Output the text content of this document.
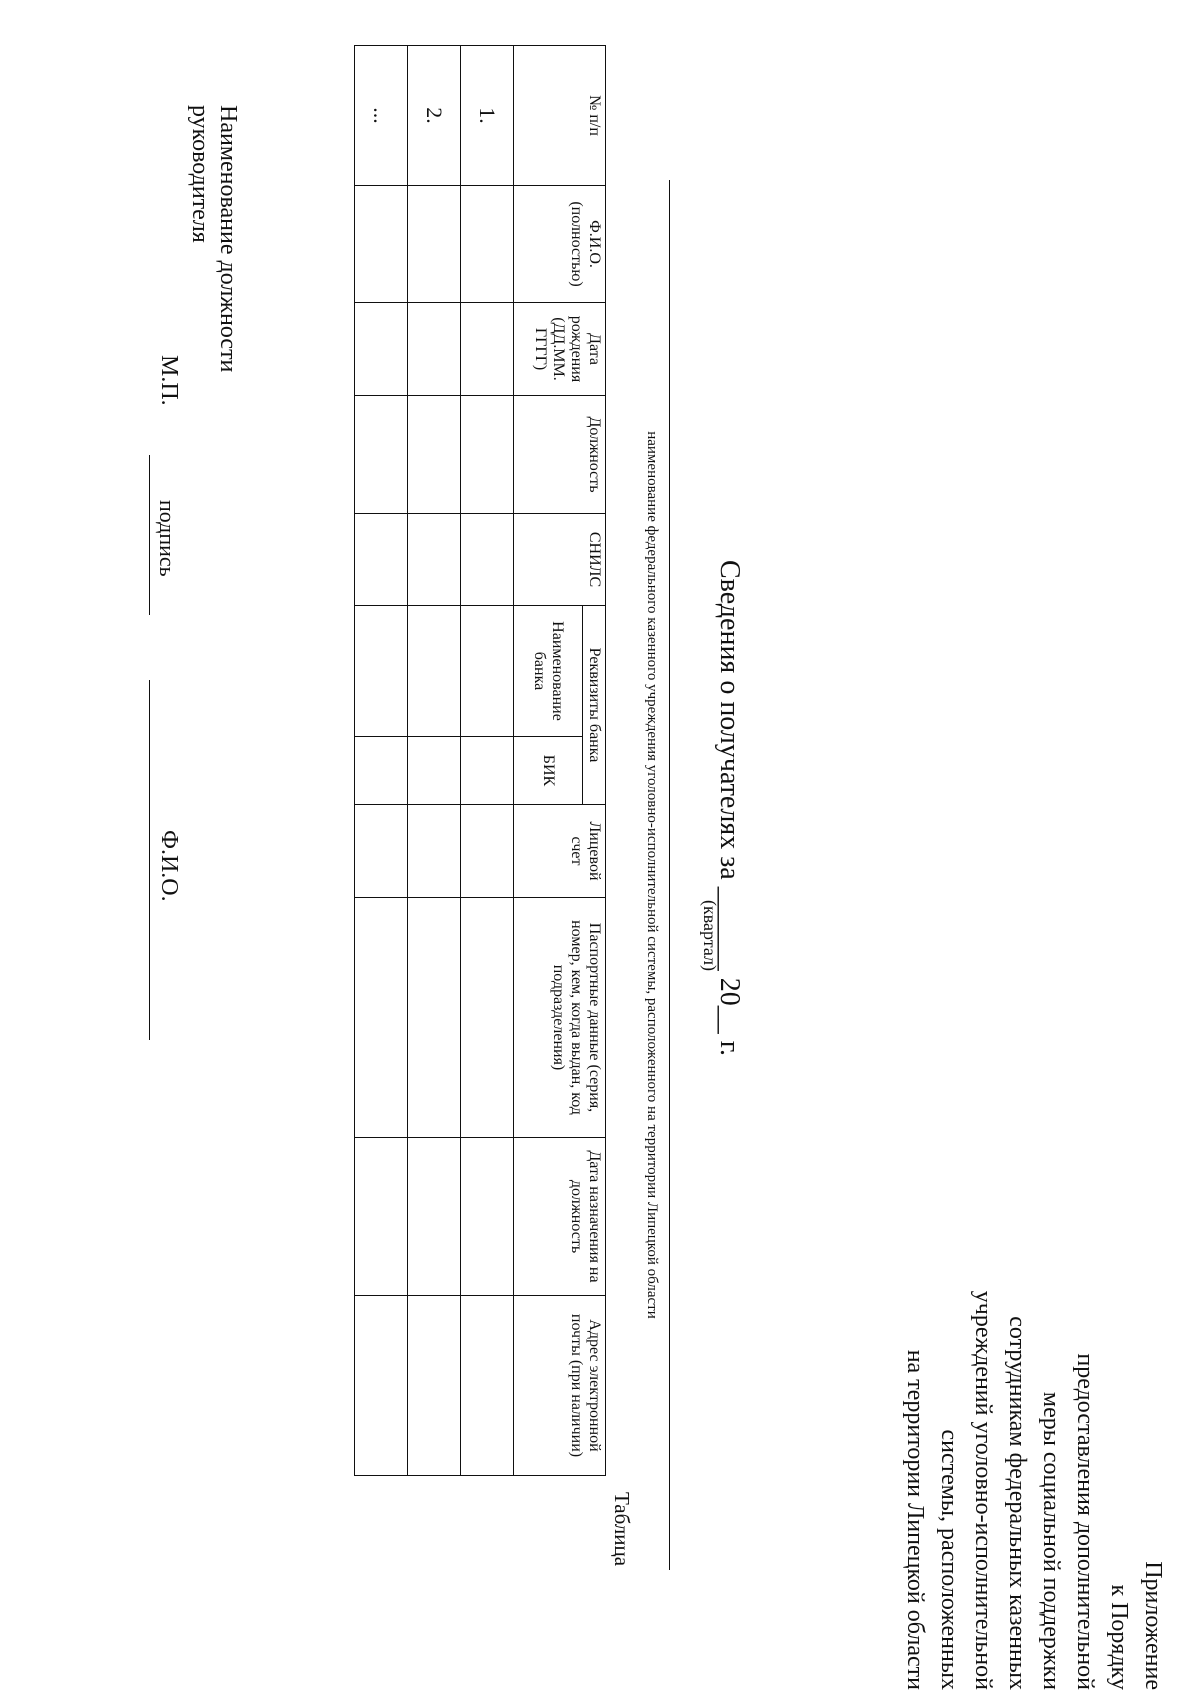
Приложение
к Порядку
предоставления дополнительной
меры социальной поддержки
сотрудникам федеральных казенных
учреждений уголовно-исполнительной
системы, расположенных
на территории Липецкой области
Сведения о получателях за ______ 20__ г.
(квартал)
наименование федерального казенного учреждения уголовно-исполнительной системы, расположенного на территории Липецкой области
Таблица
№ п/п	Ф.И.О. (полностью)	Дата рождения (ДД.ММ. ГГГГ)	Должность	СНИЛС	Реквизиты банка		Лицевой счет	Паспортные данные (серия, номер, кем, когда выдан, код подразделения)	Дата назначения на должность	Адрес электронной почты (при наличии)
					Наименование банка	БИК				
1.										
2.										
...										
Наименование должности
руководителя
М.П.
подпись
Ф.И.О.
